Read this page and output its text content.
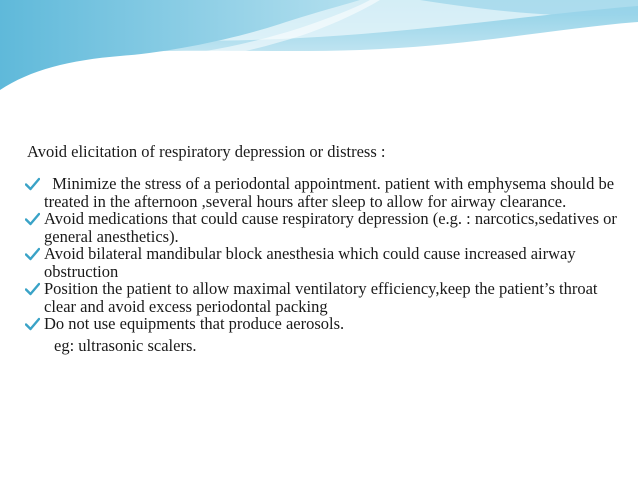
Avoid elicitation of respiratory depression or distress :
Minimize the stress of a periodontal appointment. patient with emphysema should be treated in the afternoon ,several hours after sleep to allow for airway clearance.
Avoid medications that could cause respiratory depression (e.g. : narcotics,sedatives or general anesthetics).
Avoid bilateral mandibular block anesthesia which could cause increased airway obstruction
Position the patient to allow maximal ventilatory efficiency,keep the patient’s throat clear and avoid excess periodontal packing
Do not use equipments that produce aerosols.
eg: ultrasonic scalers.
